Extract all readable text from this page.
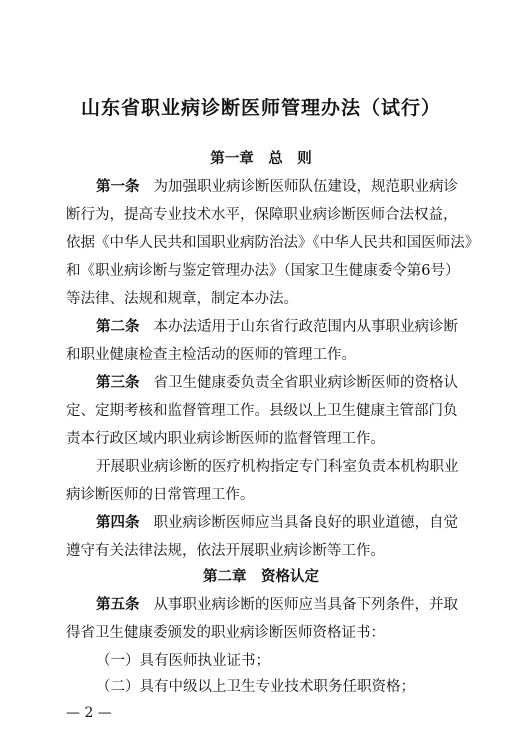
山东省职业病诊断医师管理办法（试行）
第一章　总　则
第一条 为加强职业病诊断医师队伍建设，规范职业病诊
断行为，提高专业技术水平，保障职业病诊断医师合法权益，
依据《中华人民共和国职业病防治法》《中华人民共和国医师法》
和《职业病诊断与鉴定管理办法》（国家卫生健康委令第6号）
等法律、法规和规章，制定本办法。
第二条 本办法适用于山东省行政范围内从事职业病诊断
和职业健康检查主检活动的医师的管理工作。
第三条 省卫生健康委负责全省职业病诊断医师的资格认
定、定期考核和监督管理工作。县级以上卫生健康主管部门负
责本行政区域内职业病诊断医师的监督管理工作。
开展职业病诊断的医疗机构指定专门科室负责本机构职业
病诊断医师的日常管理工作。
第四条 职业病诊断医师应当具备良好的职业道德，自觉
遵守有关法律法规，依法开展职业病诊断等工作。
第二章　资格认定
第五条 从事职业病诊断的医师应当具备下列条件，并取
得省卫生健康委颁发的职业病诊断医师资格证书：
（一）具有医师执业证书；
（二）具有中级以上卫生专业技术职务任职资格；
— 2 —
